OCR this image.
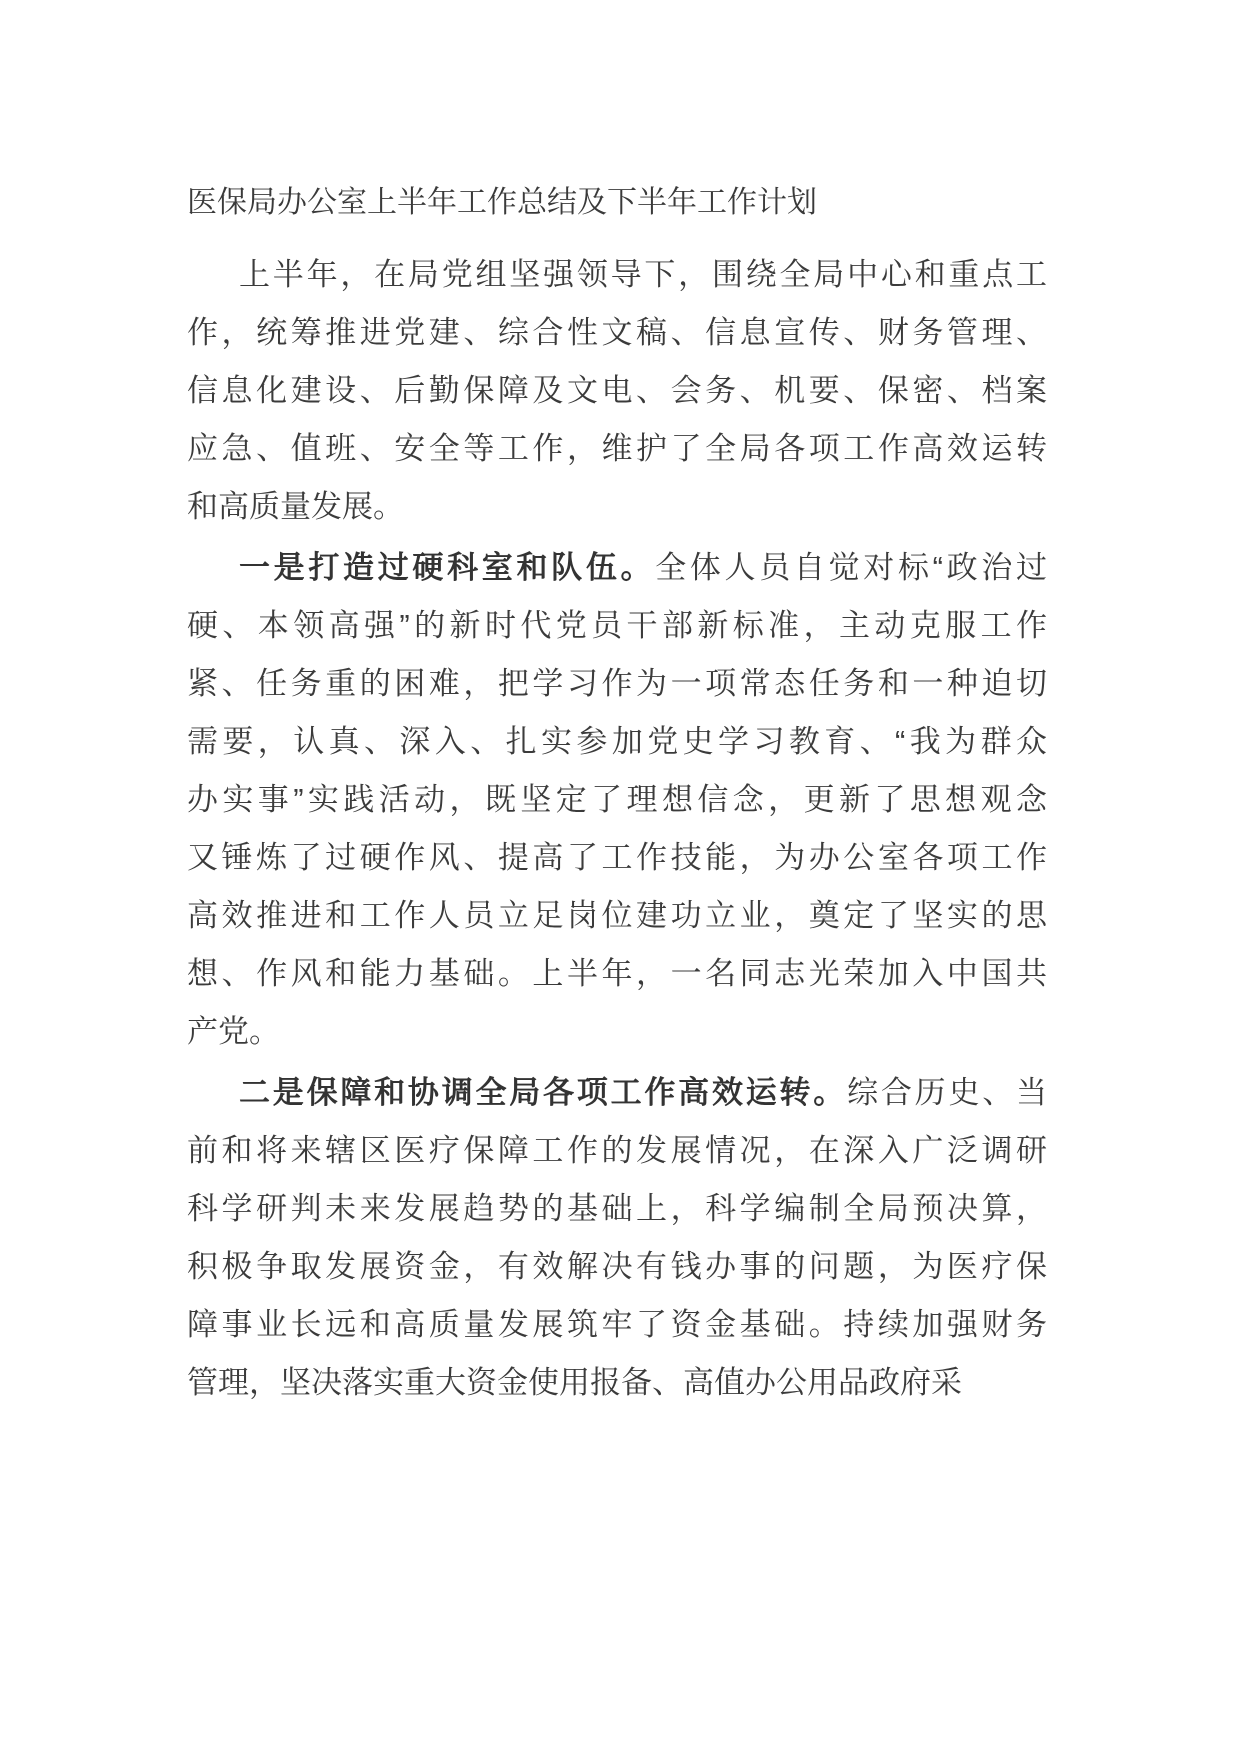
医保局办公室上半年工作总结及下半年工作计划
上半年，在局党组坚强领导下，围绕全局中心和重点工
作，统筹推进党建、综合性文稿、信息宣传、财务管理、
信息化建设、后勤保障及文电、会务、机要、保密、档案
应急、值班、安全等工作，维护了全局各项工作高效运转
和高质量发展。
一是打造过硬科室和队伍。全体人员自觉对标“政治过
硬、本领高强”的新时代党员干部新标准，主动克服工作
紧、任务重的困难，把学习作为一项常态任务和一种迫切
需要，认真、深入、扎实参加党史学习教育、“我为群众
办实事”实践活动，既坚定了理想信念，更新了思想观念
又锤炼了过硬作风、提高了工作技能，为办公室各项工作
高效推进和工作人员立足岗位建功立业，奠定了坚实的思
想、作风和能力基础。上半年，一名同志光荣加入中国共
产党。
二是保障和协调全局各项工作高效运转。综合历史、当
前和将来辖区医疗保障工作的发展情况，在深入广泛调研
科学研判未来发展趋势的基础上，科学编制全局预决算，
积极争取发展资金，有效解决有钱办事的问题，为医疗保
障事业长远和高质量发展筑牢了资金基础。持续加强财务
管理，坚决落实重大资金使用报备、高值办公用品政府采
